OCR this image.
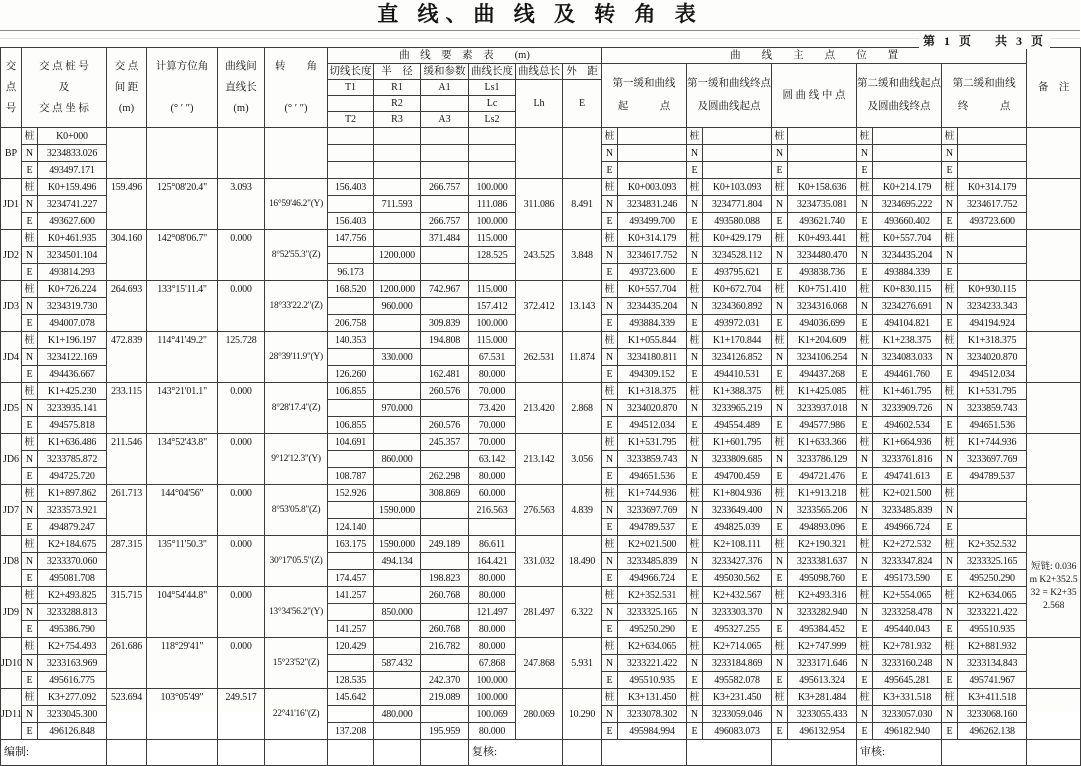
直 线、曲 线 及 转 角 表
第 1 页　 共 3 页
交
点
号	交 点 桩 号
及
交 点 坐 标		交 点
间 距
(m)	计算方位角
(° ′ ″)	曲线间
直线长
(m)	转　　角
(° ′ ″)	曲　线　要　素　表　　(m)						曲　　线　　主　　点　　位　　置										备　注
							切线长度	半　径	缓和参数	曲线长度	曲线总长	外　距	第一缓和曲线
起　　　点		第一缓和曲线终点
及圆曲线起点		圆 曲 线 中 点		第二缓和曲线起点
及圆曲线终点		第二缓和曲线
终　　　点		

							T1	R1	A1	Ls1	Lh	E											
								R2		Lc													
							T2	R3	A3	Ls2													
BP	桩	K0+000											桩		桩		桩		桩		桩		
	N	3234833.026											N		N		N		N		N		
	E	493497.171											E		E		E		E		E		
JD1	桩	K0+159.496	159.496	125°08'20.4"	3.093	16°59'46.2"(Y)	156.403		266.757	100.000	311.086	8.491	桩	K0+003.093	桩	K0+103.093	桩	K0+158.636	桩	K0+214.179	桩	K0+314.179	
	N	3234741.227						711.593		111.086			N	3234831.246	N	3234771.804	N	3234735.081	N	3234695.222	N	3234617.752	
	E	493627.600					156.403		266.757	100.000			E	493499.700	E	493580.088	E	493621.740	E	493660.402	E	493723.600	
JD2	桩	K0+461.935	304.160	142°08'06.7"	0.000	8°52'55.3"(Z)	147.756		371.484	115.000	243.525	3.848	桩	K0+314.179	桩	K0+429.179	桩	K0+493.441	桩	K0+557.704	桩		
	N	3234501.104						1200.000		128.525			N	3234617.752	N	3234528.112	N	3234480.470	N	3234435.204	N		
	E	493814.293					96.173						E	493723.600	E	493795.621	E	493838.736	E	493884.339	E		
JD3	桩	K0+726.224	264.693	133°15'11.4"	0.000	18°33'22.2"(Z)	168.520	1200.000	742.967	115.000	372.412	13.143	桩	K0+557.704	桩	K0+672.704	桩	K0+751.410	桩	K0+830.115	桩	K0+930.115	
	N	3234319.730						960.000		157.412			N	3234435.204	N	3234360.892	N	3234316.068	N	3234276.691	N	3234233.343	
	E	494007.078					206.758		309.839	100.000			E	493884.339	E	493972.031	E	494036.699	E	494104.821	E	494194.924	
JD4	桩	K1+196.197	472.839	114°41'49.2"	125.728	28°39'11.9"(Y)	140.353		194.808	115.000	262.531	11.874	桩	K1+055.844	桩	K1+170.844	桩	K1+204.609	桩	K1+238.375	桩	K1+318.375	
	N	3234122.169						330.000		67.531			N	3234180.811	N	3234126.852	N	3234106.254	N	3234083.033	N	3234020.870	
	E	494436.667					126.260		162.481	80.000			E	494309.152	E	494410.531	E	494437.268	E	494461.760	E	494512.034	
JD5	桩	K1+425.230	233.115	143°21'01.1"	0.000	8°28'17.4"(Z)	106.855		260.576	70.000	213.420	2.868	桩	K1+318.375	桩	K1+388.375	桩	K1+425.085	桩	K1+461.795	桩	K1+531.795	
	N	3233935.141						970.000		73.420			N	3234020.870	N	3233965.219	N	3233937.018	N	3233909.726	N	3233859.743	
	E	494575.818					106.855		260.576	70.000			E	494512.034	E	494554.489	E	494577.986	E	494602.534	E	494651.536	
JD6	桩	K1+636.486	211.546	134°52'43.8"	0.000	9°12'12.3"(Y)	104.691		245.357	70.000	213.142	3.056	桩	K1+531.795	桩	K1+601.795	桩	K1+633.366	桩	K1+664.936	桩	K1+744.936	
	N	3233785.872						860.000		63.142			N	3233859.743	N	3233809.685	N	3233786.129	N	3233761.816	N	3233697.769	
	E	494725.720					108.787		262.298	80.000			E	494651.536	E	494700.459	E	494721.476	E	494741.613	E	494789.537	
JD7	桩	K1+897.862	261.713	144°04'56"	0.000	8°53'05.8"(Z)	152.926		308.869	60.000	276.563	4.839	桩	K1+744.936	桩	K1+804.936	桩	K1+913.218	桩	K2+021.500	桩		
	N	3233573.921						1590.000		216.563			N	3233697.769	N	3233649.400	N	3233565.206	N	3233485.839	N		
	E	494879.247					124.140						E	494789.537	E	494825.039	E	494893.096	E	494966.724	E		
JD8	桩	K2+184.675	287.315	135°11'50.3"	0.000	30°17'05.5"(Z)	163.175	1590.000	249.189	86.611	331.032	18.490	桩	K2+021.500	桩	K2+108.111	桩	K2+190.321	桩	K2+272.532	桩	K2+352.532	短链: 0.036m K2+352.532 = K2+352.568
	N	3233370.060						494.134		164.421			N	3233485.839	N	3233427.376	N	3233381.637	N	3233347.824	N	3233325.165	
	E	495081.708					174.457		198.823	80.000			E	494966.724	E	495030.562	E	495098.760	E	495173.590	E	495250.290	
JD9	桩	K2+493.825	315.715	104°54'44.8"	0.000	13°34'56.2"(Y)	141.257		260.768	80.000	281.497	6.322	桩	K2+352.531	桩	K2+432.567	桩	K2+493.316	桩	K2+554.065	桩	K2+634.065	
	N	3233288.813						850.000		121.497			N	3233325.165	N	3233303.370	N	3233282.940	N	3233258.478	N	3233221.422	
	E	495386.790					141.257		260.768	80.000			E	495250.290	E	495327.255	E	495384.452	E	495440.043	E	495510.935	
JD10	桩	K2+754.493	261.686	118°29'41"	0.000	15°23'52"(Z)	120.429		216.782	80.000	247.868	5.931	桩	K2+634.065	桩	K2+714.065	桩	K2+747.999	桩	K2+781.932	桩	K2+881.932	
	N	3233163.969						587.432		67.868			N	3233221.422	N	3233184.869	N	3233171.646	N	3233160.248	N	3233134.843	
	E	495616.775					128.535		242.370	100.000			E	495510.935	E	495582.078	E	495613.324	E	495645.281	E	495741.967	
JD11	桩	K3+277.092	523.694	103°05'49"	249.517	22°41'16"(Z)	145.642		219.089	100.000	280.069	10.290	桩	K3+131.450	桩	K3+231.450	桩	K3+281.484	桩	K3+331.518	桩	K3+411.518	
	N	3233045.300						480.000		100.069			N	3233078.302	N	3233059.046	N	3233055.433	N	3233057.030	N	3233068.160	
	E	496126.848					137.208		195.959	80.000			E	495984.994	E	496083.073	E	496132.954	E	496182.940	E	496262.138	
编制:										复核:									审核:				
